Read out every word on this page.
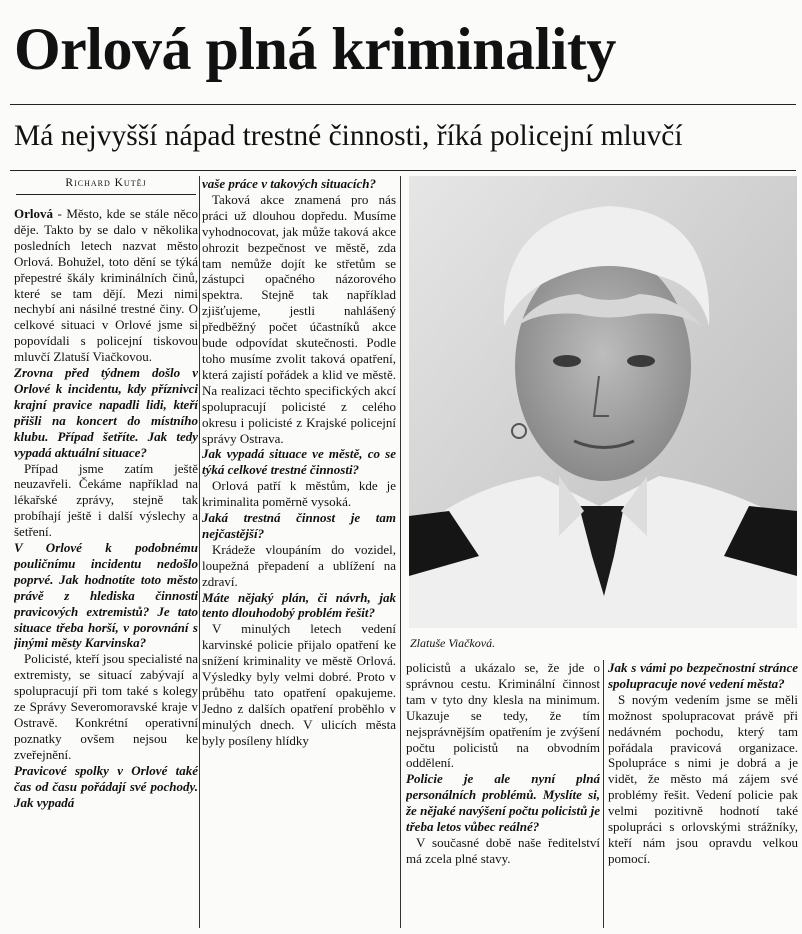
Orlová plná kriminality
Má nejvyšší nápad trestné činnosti, říká policejní mluvčí
Richard Kutěj

Orlová - Město, kde se stále něco děje. Takto by se dalo v několika posledních letech nazvat město Orlová. Bohužel, toto dění se týká přepestré škály kriminálních činů, které se tam dějí. Mezi nimi nechybí ani násilné trestné činy. O celkové situaci v Orlové jsme si popovídali s policejní tiskovou mluvčí Zlatuší Viačkovou.

Zrovna před týdnem došlo v Orlové k incidentu, kdy příznivci krajní pravice napadli lidi, kteří přišli na koncert do místního klubu. Případ šetříte. Jak tedy vypadá aktuální situace?

Případ jsme zatím ještě neuzavřeli. Čekáme například na lékařské zprávy, stejně tak probíhají ještě i další výslechy a šetření.

V Orlové k podobnému pouličnímu incidentu nedošlo poprvé. Jak hodnotíte toto město právě z hlediska činnosti pravicových extremistů? Je tato situace třeba horší, v porovnání s jinými městy Karvinska?

Policisté, kteří jsou specialisté na extremisty, se situací zabývají a spolupracují při tom také s kolegy ze Správy Severomoravské kraje v Ostravě. Konkrétní operativní poznatky ovšem nejsou ke zveřejnění.

Pravicové spolky v Orlové také čas od času pořádají své pochody. Jak vypadá

vaše práce v takových situacích?

Taková akce znamená pro nás práci už dlouhou dopředu. Musíme vyhodnocovat, jak může taková akce ohrozit bezpečnost ve městě, zda tam nemůže dojít ke střetům se zástupci opačného názorového spektra. Stejně tak například zjišťujeme, jestli nahlášený předběžný počet účastníků akce bude odpovídat skutečnosti. Podle toho musíme zvolit taková opatření, která zajistí pořádek a klid ve městě. Na realizaci těchto specifických akcí spolupracují policisté z celého okresu i policisté z Krajské policejní správy Ostrava.

Jak vypadá situace ve městě, co se týká celkové trestné činnosti?

Orlová patří k městům, kde je kriminalita poměrně vysoká.

Jaká trestná činnost je tam nejčastější?

Krádeže vloupáním do vozidel, loupežná přepadení a ublížení na zdraví.

Máte nějaký plán, či návrh, jak tento dlouhodobý problém řešit?

V minulých letech vedení karvinské policie přijalo opatření ke snížení kriminality ve městě Orlová. Výsledky byly velmi dobré. Proto v průběhu tato opatření opakujeme. Jedno z dalších opatření proběhlo v minulých dnech. V ulicích města byly posíleny hlídky

Zlatuše Viačková.

policistů a ukázalo se, že jde o správnou cestu. Kriminální činnost tam v tyto dny klesla na minimum. Ukazuje se tedy, že tím nejsprávnějším opatřením je zvýšení počtu policistů na obvodním oddělení.

Policie je ale nyní plná personálních problémů. Myslíte si, že nějaké navýšení počtu policistů je třeba letos vůbec reálné?

V současné době naše ředitelství má zcela plné stavy.

Jak s vámi po bezpečnostní stránce spolupracuje nové vedení města?

S novým vedením jsme se měli možnost spolupracovat právě při nedávném pochodu, který tam pořádala pravicová organizace. Spolupráce s nimi je dobrá a je vidět, že město má zájem své problémy řešit. Vedení policie pak velmi pozitivně hodnotí také spolupráci s orlovskými strážníky, kteří nám jsou opravdu velkou pomocí.
